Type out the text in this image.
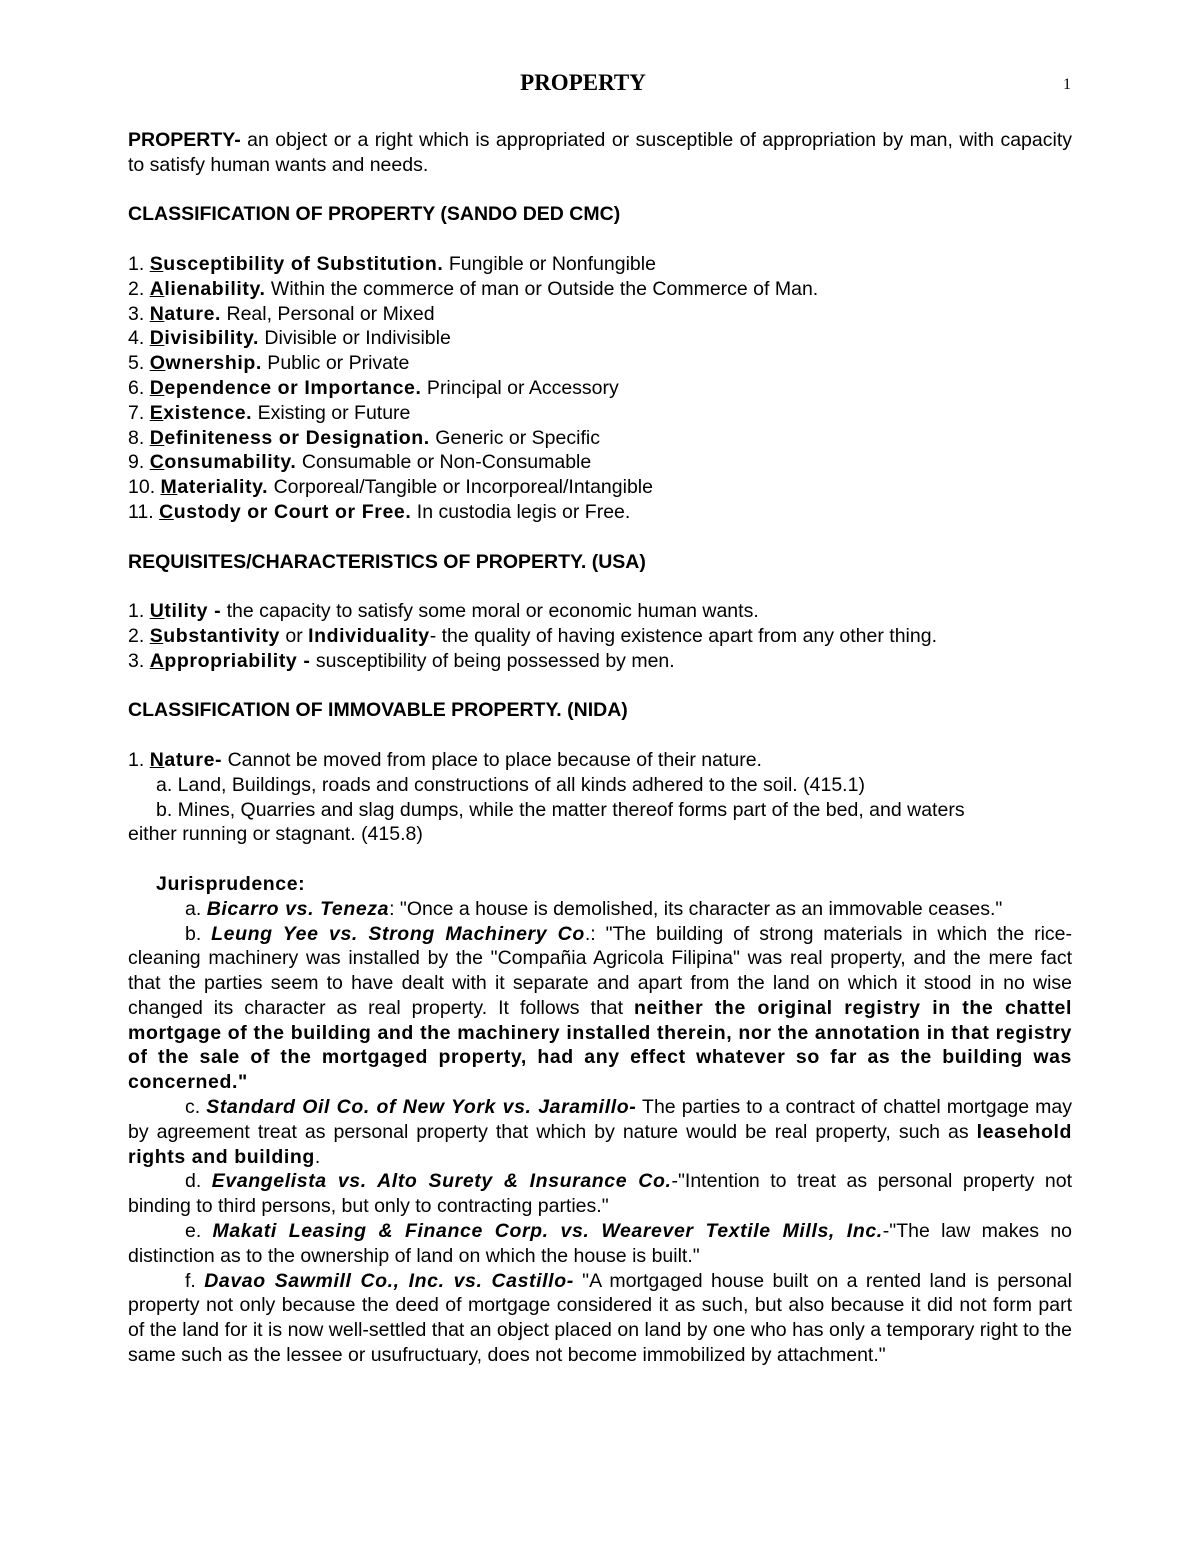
PROPERTY	1

PROPERTY- an object or a right which is appropriated or susceptible of appropriation by man, with capacity to satisfy human wants and needs.

CLASSIFICATION OF PROPERTY (SANDO DED CMC)

1. Susceptibility of Substitution. Fungible or Nonfungible

2. Alienability. Within the commerce of man or Outside the Commerce of Man.

3. Nature. Real, Personal or Mixed

4. Divisibility. Divisible or Indivisible

5. Ownership. Public or Private

6. Dependence or Importance. Principal or Accessory

7. Existence. Existing or Future

8. Definiteness or Designation. Generic or Specific

9. Consumability. Consumable or Non-Consumable

10. Materiality. Corporeal/Tangible or Incorporeal/Intangible

11. Custody or Court or Free. In custodia legis or Free.

REQUISITES/CHARACTERISTICS OF PROPERTY. (USA)

1. Utility - the capacity to satisfy some moral or economic human wants.

2. Substantivity or Individuality- the quality of having existence apart from any other thing.

3. Appropriability - susceptibility of being possessed by men.

CLASSIFICATION OF IMMOVABLE PROPERTY. (NIDA)

1. Nature- Cannot be moved from place to place because of their nature.

a. Land, Buildings, roads and constructions of all kinds adhered to the soil. (415.1)

b. Mines, Quarries and slag dumps, while the matter thereof forms part of the bed, and waters

either running or stagnant. (415.8)

Jurisprudence:

a. Bicarro vs. Teneza: "Once a house is demolished, its character as an immovable ceases."

b. Leung Yee vs. Strong Machinery Co.: "The building of strong materials in which the rice-cleaning machinery was installed by the "Compañia Agricola Filipina" was real property, and the mere fact that the parties seem to have dealt with it separate and apart from the land on which it stood in no wise changed its character as real property. It follows that neither the original registry in the chattel mortgage of the building and the machinery installed therein, nor the annotation in that registry of the sale of the mortgaged property, had any effect whatever so far as the building was concerned."

c. Standard Oil Co. of New York vs. Jaramillo- The parties to a contract of chattel mortgage may by agreement treat as personal property that which by nature would be real property, such as leasehold rights and building.

d. Evangelista vs. Alto Surety & Insurance Co.-"Intention to treat as personal property not binding to third persons, but only to contracting parties."

e. Makati Leasing & Finance Corp. vs. Wearever Textile Mills, Inc.-"The law makes no distinction as to the ownership of land on which the house is built."

f. Davao Sawmill Co., Inc. vs. Castillo- "A mortgaged house built on a rented land is personal property not only because the deed of mortgage considered it as such, but also because it did not form part of the land for it is now well-settled that an object placed on land by one who has only a temporary right to the same such as the lessee or usufructuary, does not become immobilized by attachment."
